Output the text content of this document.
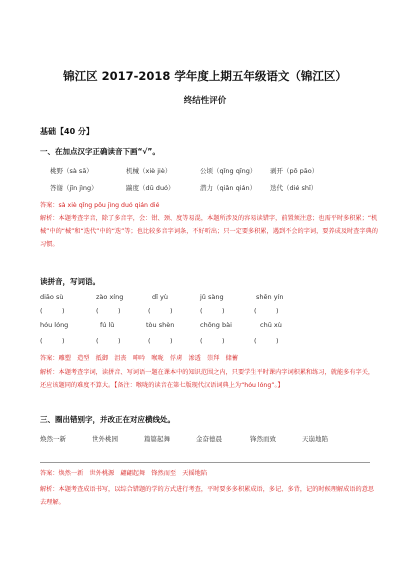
锦江区 2017-2018 学年度上期五年级语文（锦江区）
终结性评价
基础【40 分】
一、在加点汉字正确读音下画“√”。
桃野（sà sā）	机械（xiè jiè）	公顷（qǐng qīng） 剥开（pō pāo）
答谢（jīn jìng）	踹度（dū duó）	潜力（qiǎn qián） 迭代（dié shī）
答案：sà xiè qǐng pōu jìng duó qián dié
解析：本题考查字音，除了多音字，会：钳、颈、度等易混，本题所涉及的容易读错字，前置须注意；也需平时多积累；“机械”中的“械”和“迭代”中的“迭”等；也比较多音字词条，不好听出；只一定要多积累，遇到不会的字词，要养成及时查字典的习惯。
读拼音，写词语。
diāo sù	zào xíng	dǐ yù	jǔ sàng	shēn yín
(　　　)	(　　　)	(　　　)	(　　　)	(　　　)
hóu lóng	fú lǔ	tòu shèn	chōng bài	chū xù
(　　　)	(　　　)	(　　　)	(　　　)	(　　　)
答案：雕塑　造型　抵御　沮丧　呻吟　喉咙　俘虏　渗透　崇拜　储蓄
解析：本题考查字词，读拼音、写词语一题在课本中的知识范围之内，只要学生平时课内字词积累和练习，就能多有字关，还应该题同的难度不算大。【备注：喉咙的读音在第七版现代汉语词典上为“hóu lóng”。】
三、圈出错别字，并改正在对应横线处。
焕然一新	世外桃园	篇篇起舞	金奋德晨	锋然而致	天崩地陷
答案：焕然一新　世外桃源　翩翩起舞　锋然而至　天摇地陷
解析：本题考查成语书写，以综合错题的学的方式进行考查，平时要多多积累成语，多记、多背，记的时候理解成语的意思去理解。
